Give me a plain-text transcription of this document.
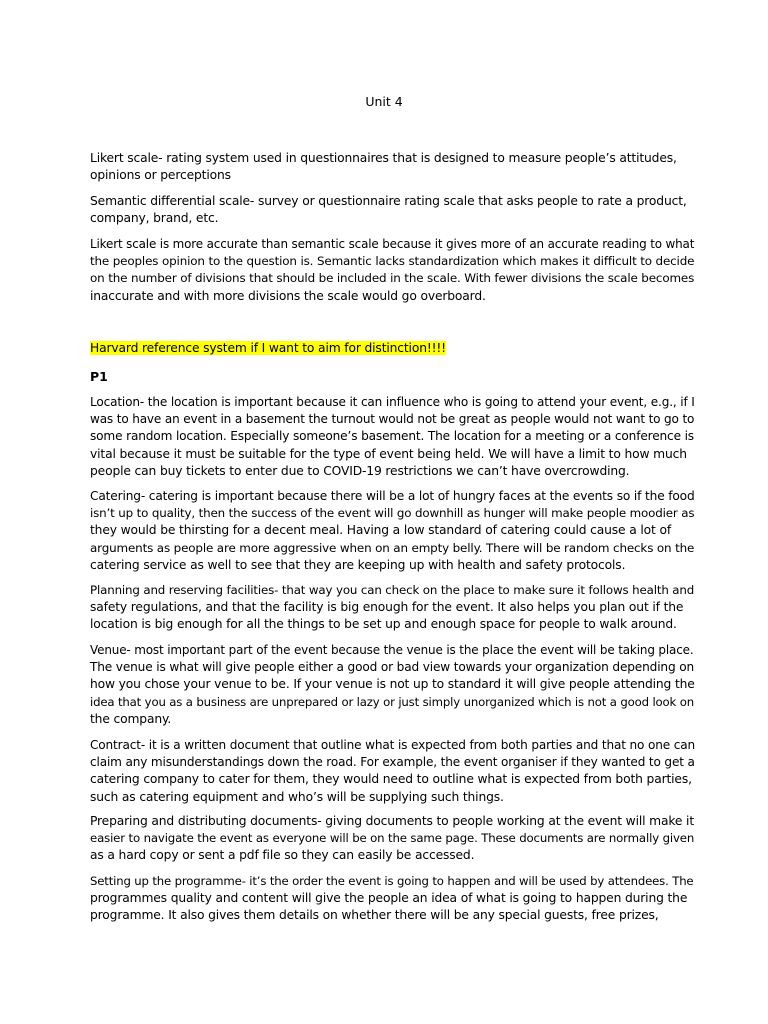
Unit 4

Likert scale- rating system used in questionnaires that is designed to measure people’s attitudes,
opinions or perceptions

Semantic differential scale- survey or questionnaire rating scale that asks people to rate a product,
company, brand, etc.

Likert scale is more accurate than semantic scale because it gives more of an accurate reading to what
the peoples opinion to the question is. Semantic lacks standardization which makes it difficult to decide
on the number of divisions that should be included in the scale. With fewer divisions the scale becomes
inaccurate and with more divisions the scale would go overboard.

Harvard reference system if I want to aim for distinction!!!!

P1

Location- the location is important because it can influence who is going to attend your event, e.g., if I
was to have an event in a basement the turnout would not be great as people would not want to go to
some random location. Especially someone’s basement. The location for a meeting or a conference is
vital because it must be suitable for the type of event being held. We will have a limit to how much
people can buy tickets to enter due to COVID-19 restrictions we can’t have overcrowding.

Catering- catering is important because there will be a lot of hungry faces at the events so if the food
isn’t up to quality, then the success of the event will go downhill as hunger will make people moodier as
they would be thirsting for a decent meal. Having a low standard of catering could cause a lot of
arguments as people are more aggressive when on an empty belly. There will be random checks on the
catering service as well to see that they are keeping up with health and safety protocols.

Planning and reserving facilities- that way you can check on the place to make sure it follows health and
safety regulations, and that the facility is big enough for the event. It also helps you plan out if the
location is big enough for all the things to be set up and enough space for people to walk around.

Venue- most important part of the event because the venue is the place the event will be taking place.
The venue is what will give people either a good or bad view towards your organization depending on
how you chose your venue to be. If your venue is not up to standard it will give people attending the
idea that you as a business are unprepared or lazy or just simply unorganized which is not a good look on
the company.

Contract- it is a written document that outline what is expected from both parties and that no one can
claim any misunderstandings down the road. For example, the event organiser if they wanted to get a
catering company to cater for them, they would need to outline what is expected from both parties,
such as catering equipment and who’s will be supplying such things.

Preparing and distributing documents- giving documents to people working at the event will make it
easier to navigate the event as everyone will be on the same page. These documents are normally given
as a hard copy or sent a pdf file so they can easily be accessed.

Setting up the programme- it’s the order the event is going to happen and will be used by attendees. The
programmes quality and content will give the people an idea of what is going to happen during the
programme. It also gives them details on whether there will be any special guests, free prizes,
